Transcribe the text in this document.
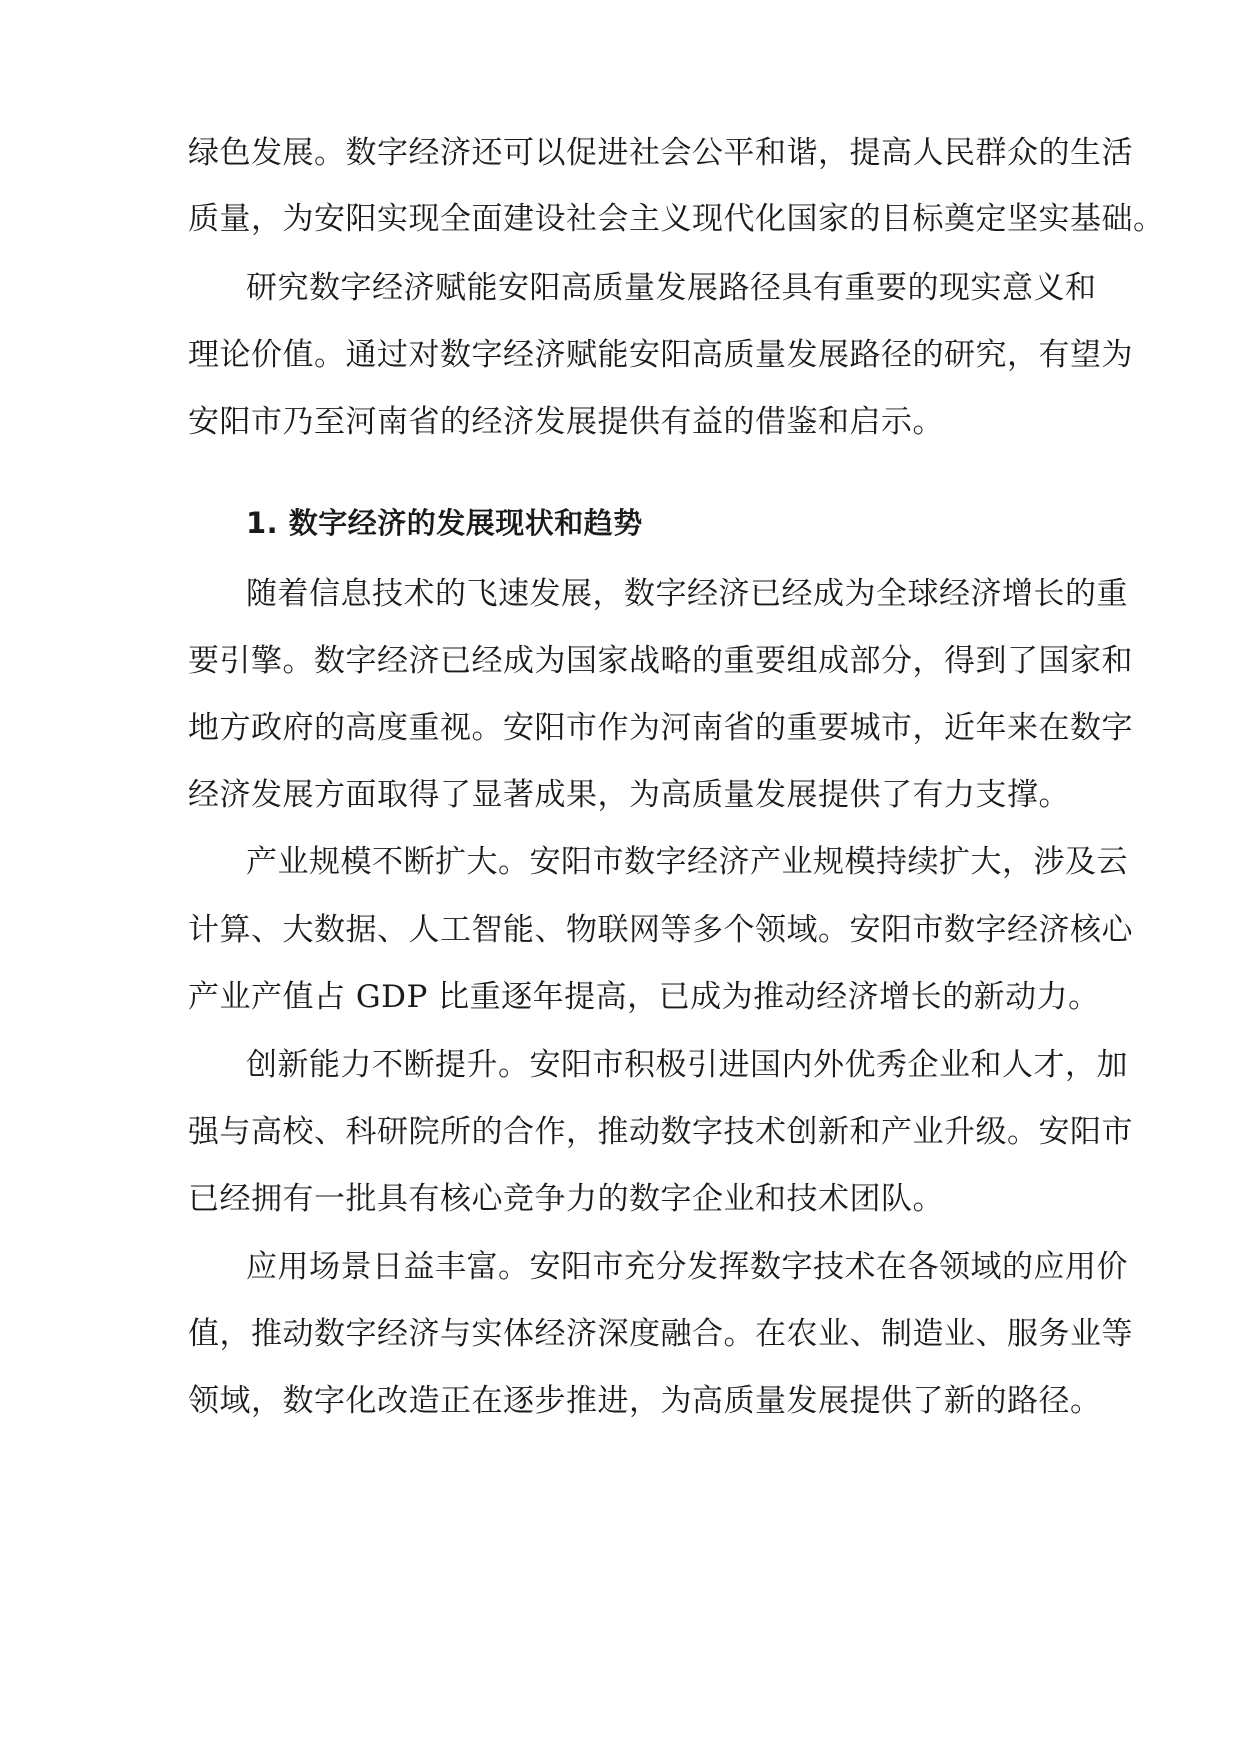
绿色发展。数字经济还可以促进社会公平和谐，提高人民群众的生活
质量，为安阳实现全面建设社会主义现代化国家的目标奠定坚实基础。
研究数字经济赋能安阳高质量发展路径具有重要的现实意义和
理论价值。通过对数字经济赋能安阳高质量发展路径的研究，有望为
安阳市乃至河南省的经济发展提供有益的借鉴和启示。
1. 数字经济的发展现状和趋势
随着信息技术的飞速发展，数字经济已经成为全球经济增长的重
要引擎。数字经济已经成为国家战略的重要组成部分，得到了国家和
地方政府的高度重视。安阳市作为河南省的重要城市，近年来在数字
经济发展方面取得了显著成果，为高质量发展提供了有力支撑。
产业规模不断扩大。安阳市数字经济产业规模持续扩大，涉及云
计算、大数据、人工智能、物联网等多个领域。安阳市数字经济核心
产业产值占 GDP 比重逐年提高，已成为推动经济增长的新动力。
创新能力不断提升。安阳市积极引进国内外优秀企业和人才，加
强与高校、科研院所的合作，推动数字技术创新和产业升级。安阳市
已经拥有一批具有核心竞争力的数字企业和技术团队。
应用场景日益丰富。安阳市充分发挥数字技术在各领域的应用价
值，推动数字经济与实体经济深度融合。在农业、制造业、服务业等
领域，数字化改造正在逐步推进，为高质量发展提供了新的路径。
